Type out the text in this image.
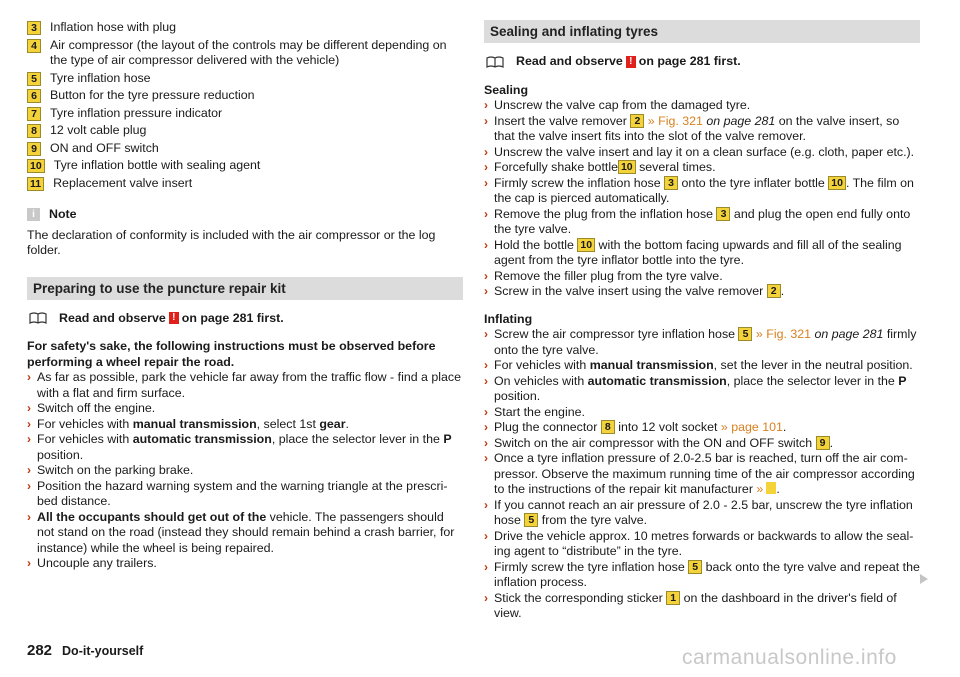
3	Inflation hose with plug
4	Air compressor (the layout of the controls may be different depending on the type of air compressor delivered with the vehicle)
5	Tyre inflation hose
6	Button for the tyre pressure reduction
7	Tyre inflation pressure indicator
8	12 volt cable plug
9	ON and OFF switch
10 Tyre inflation bottle with sealing agent
11 Replacement valve insert
i	Note
The declaration of conformity is included with the air compressor or the log folder.
Preparing to use the puncture repair kit
Read and observe ! on page 281 first.
For safety's sake, the following instructions must be observed before performing a wheel repair the road.
› As far as possible, park the vehicle far away from the traffic flow - find a place with a flat and firm surface.
› Switch off the engine.
› For vehicles with manual transmission, select 1st gear.
› For vehicles with automatic transmission, place the selector lever in the P position.
› Switch on the parking brake.
› Position the hazard warning system and the warning triangle at the prescribed distance.
› All the occupants should get out of the vehicle. The passengers should not stand on the road (instead they should remain behind a crash barrier, for instance) while the wheel is being repaired.
› Uncouple any trailers.
Sealing and inflating tyres
Read and observe ! on page 281 first.
Sealing
› Unscrew the valve cap from the damaged tyre.
› Insert the valve remover 2 » Fig. 321 on page 281 on the valve insert, so that the valve insert fits into the slot of the valve remover.
› Unscrew the valve insert and lay it on a clean surface (e.g. cloth, paper etc.).
› Forcefully shake bottle 10 several times.
› Firmly screw the inflation hose 3 onto the tyre inflater bottle 10 . The film on the cap is pierced automatically.
› Remove the plug from the inflation hose 3 and plug the open end fully onto the tyre valve.
› Hold the bottle 10 with the bottom facing upwards and fill all of the sealing agent from the tyre inflator bottle into the tyre.
› Remove the filler plug from the tyre valve.
› Screw in the valve insert using the valve remover 2 .
Inflating
› Screw the air compressor tyre inflation hose 5 » Fig. 321 on page 281 firmly onto the tyre valve.
› For vehicles with manual transmission, set the lever in the neutral position.
› On vehicles with automatic transmission, place the selector lever in the P position.
› Start the engine.
› Plug the connector 8 into 12 volt socket » page 101.
› Switch on the air compressor with the ON and OFF switch 9 .
› Once a tyre inflation pressure of 2.0-2.5 bar is reached, turn off the air compressor. Observe the maximum running time of the air compressor according to the instructions of the repair kit manufacturer » .
› If you cannot reach an air pressure of 2.0 - 2.5 bar, unscrew the tyre inflation hose 5 from the tyre valve.
› Drive the vehicle approx. 10 metres forwards or backwards to allow the sealing agent to “distribute” in the tyre.
› Firmly screw the tyre inflation hose 5 back onto the tyre valve and repeat the inflation process.
› Stick the corresponding sticker 1 on the dashboard in the driver's field of view.
282 Do-it-yourself	carmanualsonline.info
